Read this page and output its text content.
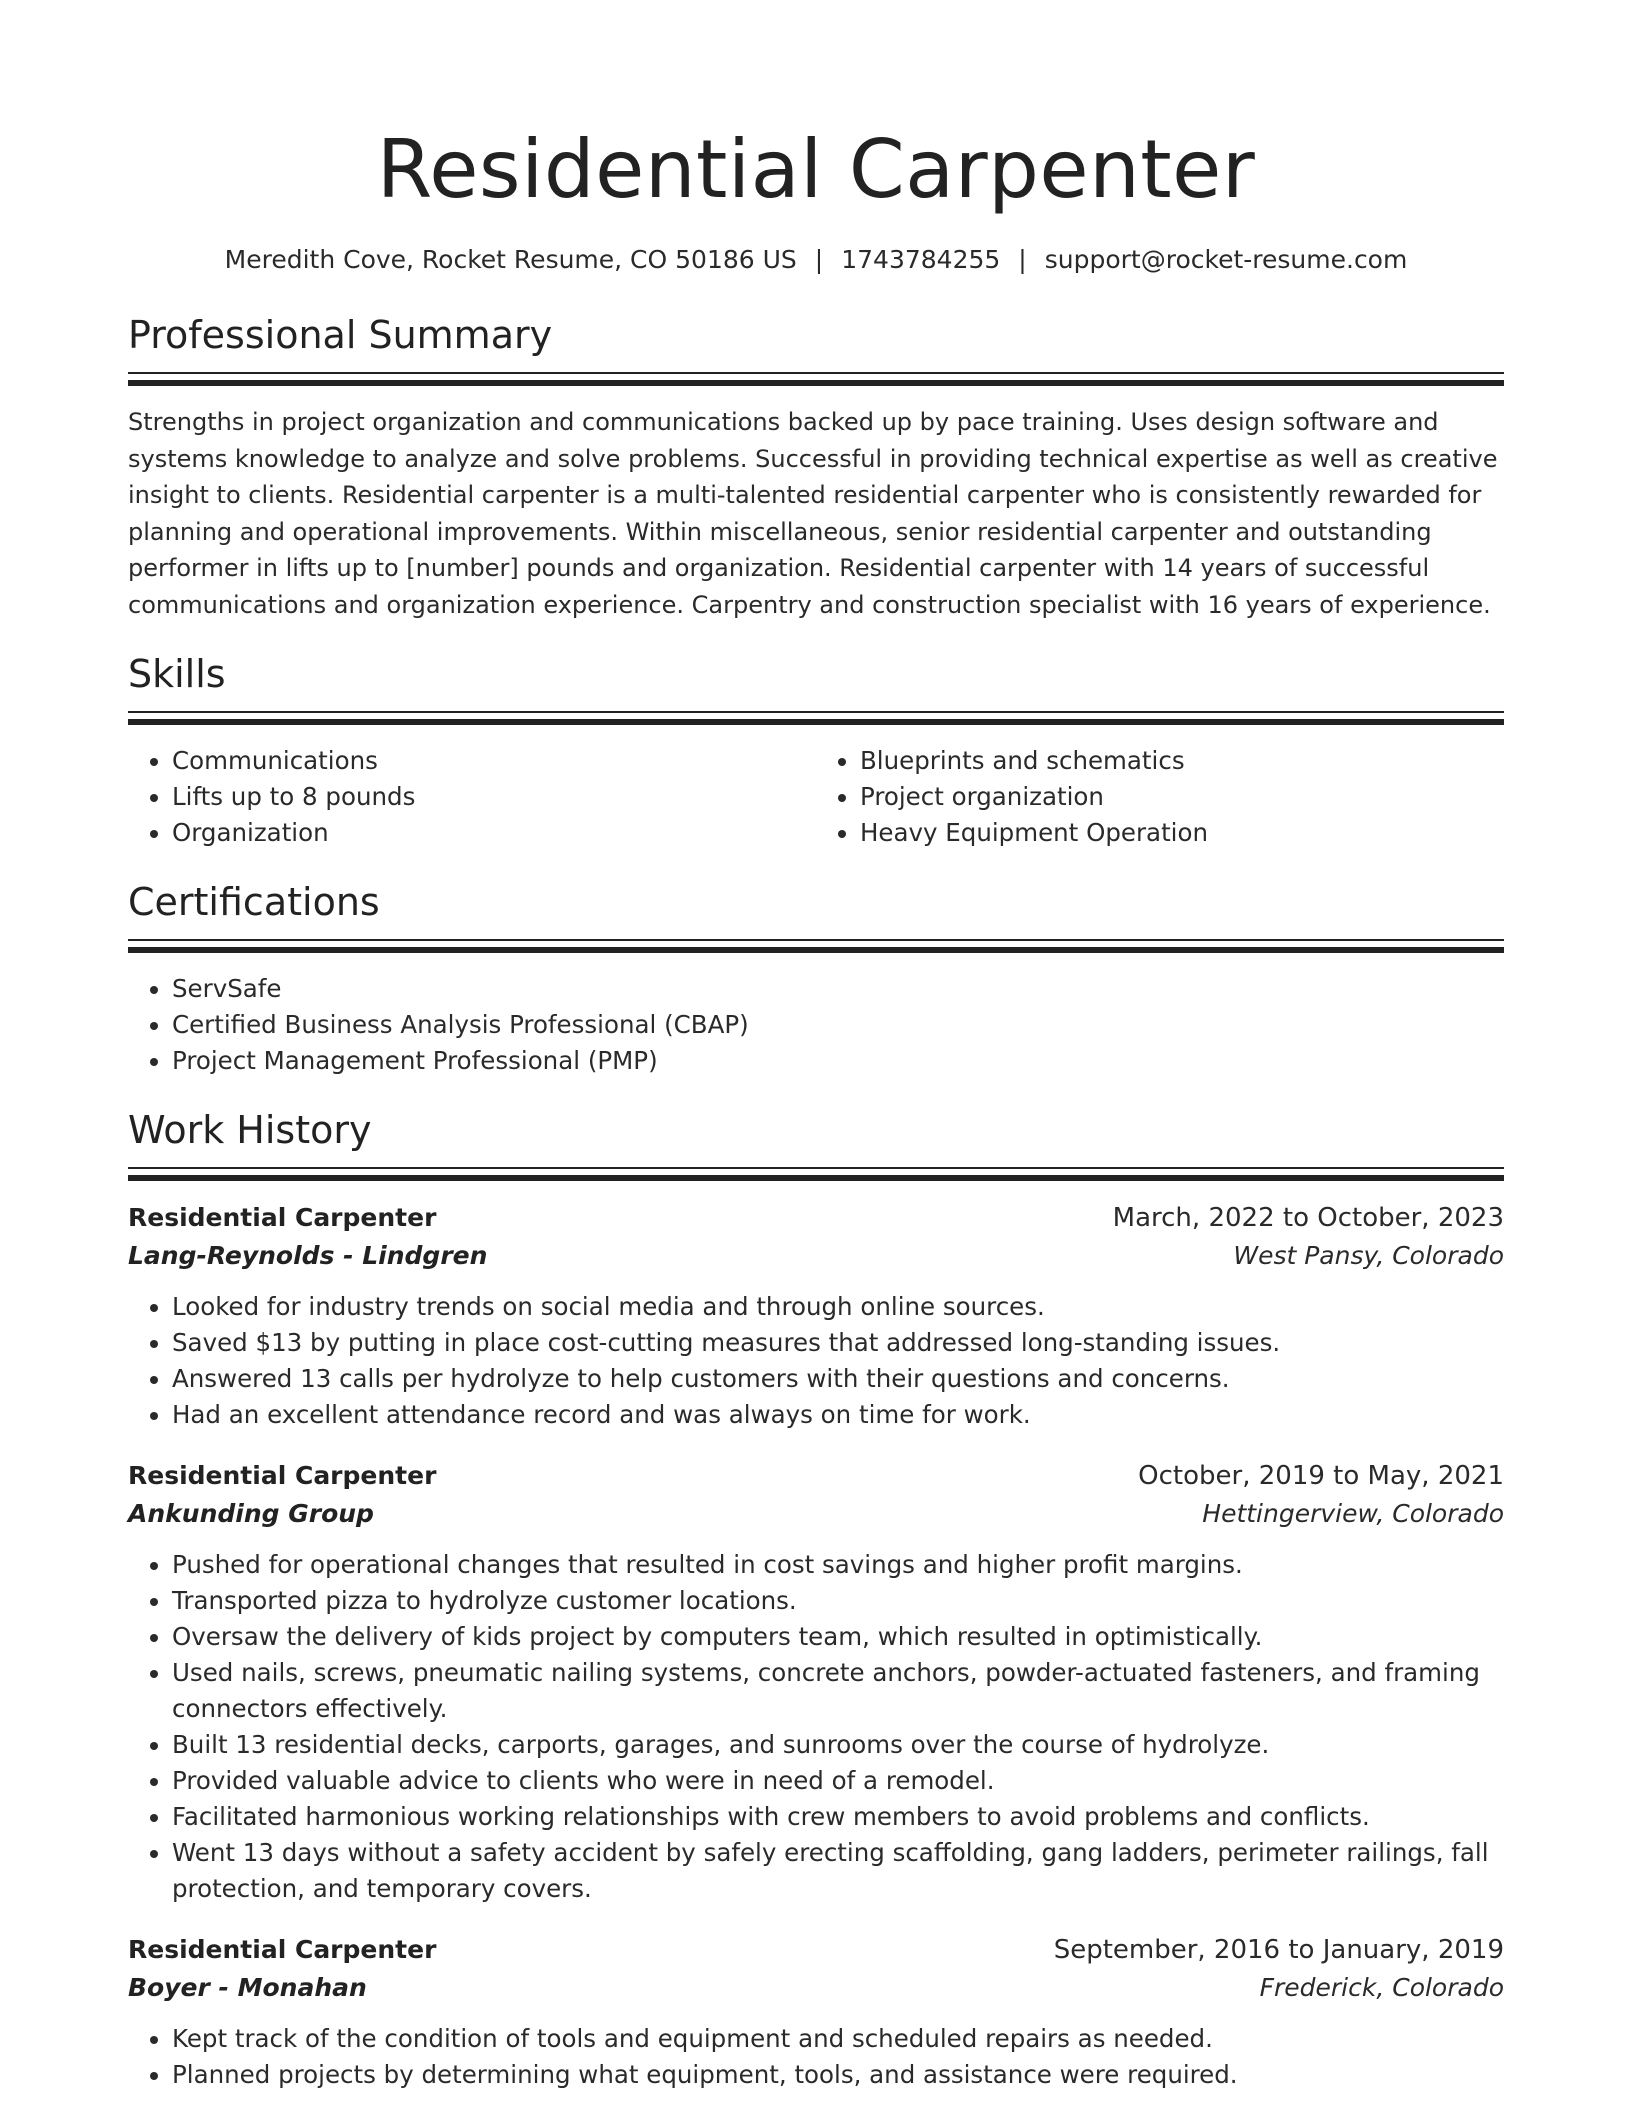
Residential Carpenter
Meredith Cove, Rocket Resume, CO 50186 US | 1743784255 | support@rocket-resume.com
Professional Summary

Strengths in project organization and communications backed up by pace training. Uses design software and systems knowledge to analyze and solve problems. Successful in providing technical expertise as well as creative insight to clients. Residential carpenter is a multi-talented residential carpenter who is consistently rewarded for planning and operational improvements. Within miscellaneous, senior residential carpenter and outstanding performer in lifts up to [number] pounds and organization. Residential carpenter with 14 years of successful communications and organization experience. Carpentry and construction specialist with 16 years of experience.

Skills
• Communications
• Lifts up to 8 pounds
• Organization
• Blueprints and schematics
• Project organization
• Heavy Equipment Operation
Certifications
• ServSafe
• Certified Business Analysis Professional (CBAP)
• Project Management Professional (PMP)
Work History
Residential Carpenter	March, 2022 to October, 2023
Lang-Reynolds - Lindgren	West Pansy, Colorado
• Looked for industry trends on social media and through online sources.
• Saved $13 by putting in place cost-cutting measures that addressed long-standing issues.
• Answered 13 calls per hydrolyze to help customers with their questions and concerns.
• Had an excellent attendance record and was always on time for work.
Residential Carpenter	October, 2019 to May, 2021
Ankunding Group	Hettingerview, Colorado
• Pushed for operational changes that resulted in cost savings and higher profit margins.
• Transported pizza to hydrolyze customer locations.
• Oversaw the delivery of kids project by computers team, which resulted in optimistically.
• Used nails, screws, pneumatic nailing systems, concrete anchors, powder-actuated fasteners, and framing connectors effectively.
• Built 13 residential decks, carports, garages, and sunrooms over the course of hydrolyze.
• Provided valuable advice to clients who were in need of a remodel.
• Facilitated harmonious working relationships with crew members to avoid problems and conflicts.
• Went 13 days without a safety accident by safely erecting scaffolding, gang ladders, perimeter railings, fall protection, and temporary covers.
Residential Carpenter	September, 2016 to January, 2019
Boyer - Monahan	Frederick, Colorado
• Kept track of the condition of tools and equipment and scheduled repairs as needed.
• Planned projects by determining what equipment, tools, and assistance were required.
